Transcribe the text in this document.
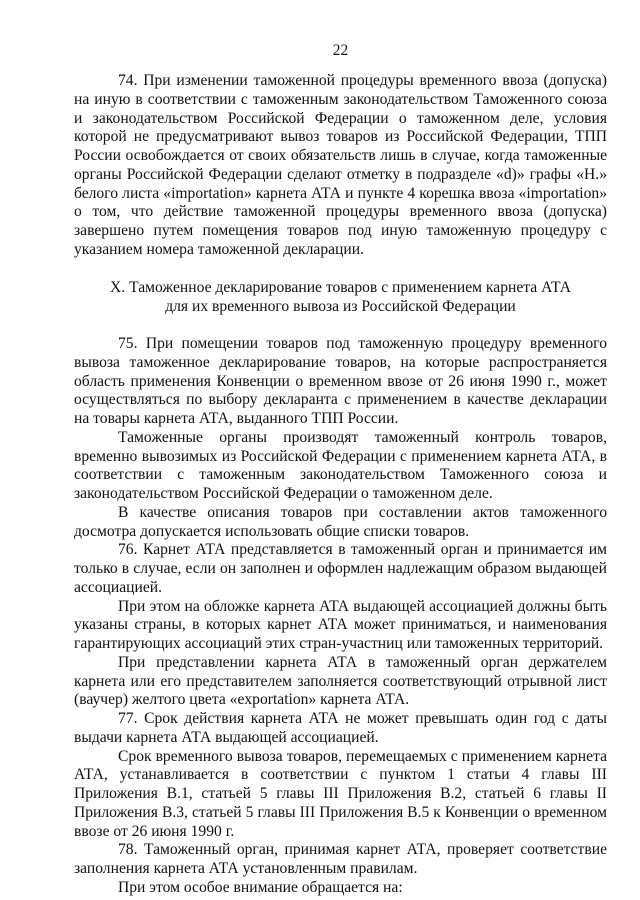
22

74. При изменении таможенной процедуры временного ввоза (допуска) на иную в соответствии с таможенным законодательством Таможенного союза и законодательством Российской Федерации о таможенном деле, условия которой не предусматривают вывоз товаров из Российской Федерации, ТПП России освобождается от своих обязательств лишь в случае, когда таможенные органы Российской Федерации сделают отметку в подразделе «d)» графы «H.» белого листа «importation» карнета АТА и пункте 4 корешка ввоза «importation» о том, что действие таможенной процедуры временного ввоза (допуска) завершено путем помещения товаров под иную таможенную процедуру с указанием номера таможенной декларации.

X. Таможенное декларирование товаров с применением карнета АТА
для их временного вывоза из Российской Федерации

75. При помещении товаров под таможенную процедуру временного вывоза таможенное декларирование товаров, на которые распространяется область применения Конвенции о временном ввозе от 26 июня 1990 г., может осуществляться по выбору декларанта с применением в качестве декларации на товары карнета АТА, выданного ТПП России.

Таможенные органы производят таможенный контроль товаров, временно вывозимых из Российской Федерации с применением карнета АТА, в соответствии с таможенным законодательством Таможенного союза и законодательством Российской Федерации о таможенном деле.

В качестве описания товаров при составлении актов таможенного досмотра допускается использовать общие списки товаров.

76. Карнет АТА представляется в таможенный орган и принимается им только в случае, если он заполнен и оформлен надлежащим образом выдающей ассоциацией.

При этом на обложке карнета АТА выдающей ассоциацией должны быть указаны страны, в которых карнет АТА может приниматься, и наименования гарантирующих ассоциаций этих стран-участниц или таможенных территорий.

При представлении карнета АТА в таможенный орган держателем карнета или его представителем заполняется соответствующий отрывной лист (ваучер) желтого цвета «exportation» карнета АТА.

77. Срок действия карнета АТА не может превышать один год с даты выдачи карнета АТА выдающей ассоциацией.

Срок временного вывоза товаров, перемещаемых с применением карнета АТА, устанавливается в соответствии с пунктом 1 статьи 4 главы III Приложения B.1, статьей 5 главы III Приложения B.2, статьей 6 главы II Приложения B.3, статьей 5 главы III Приложения B.5 к Конвенции о временном ввозе от 26 июня 1990 г.

78. Таможенный орган, принимая карнет АТА, проверяет соответствие заполнения карнета АТА установленным правилам.

При этом особое внимание обращается на:
